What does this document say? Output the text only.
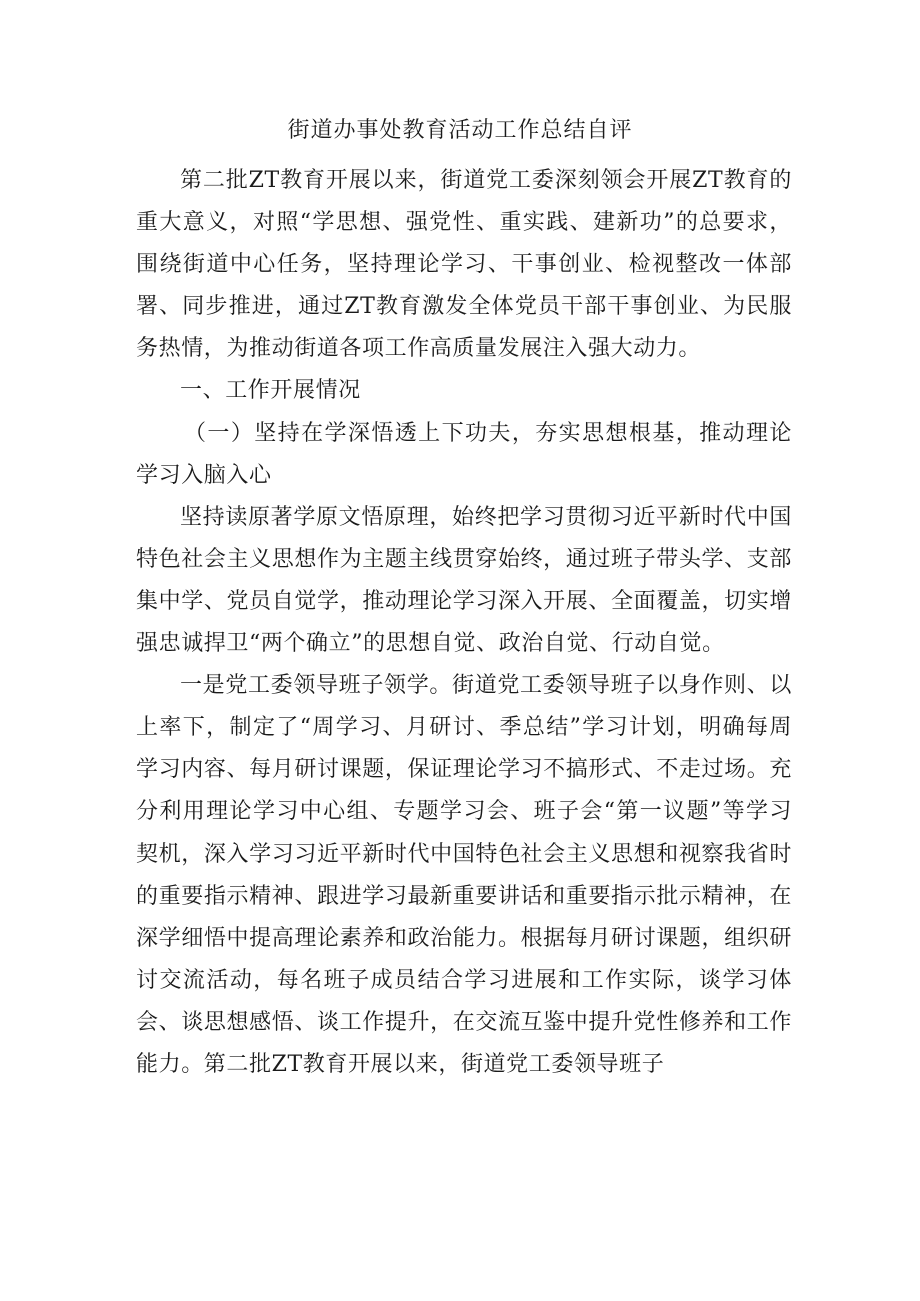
街道办事处教育活动工作总结自评

第二批ZT教育开展以来，街道党工委深刻领会开展ZT教育的重大意义，对照“学思想、强党性、重实践、建新功”的总要求，围绕街道中心任务，坚持理论学习、干事创业、检视整改一体部署、同步推进，通过ZT教育激发全体党员干部干事创业、为民服务热情，为推动街道各项工作高质量发展注入强大动力。

一、工作开展情况

（一）坚持在学深悟透上下功夫，夯实思想根基，推动理论学习入脑入心

坚持读原著学原文悟原理，始终把学习贯彻习近平新时代中国特色社会主义思想作为主题主线贯穿始终，通过班子带头学、支部集中学、党员自觉学，推动理论学习深入开展、全面覆盖，切实增强忠诚捍卫“两个确立”的思想自觉、政治自觉、行动自觉。

一是党工委领导班子领学。街道党工委领导班子以身作则、以上率下，制定了“周学习、月研讨、季总结”学习计划，明确每周学习内容、每月研讨课题，保证理论学习不搞形式、不走过场。充分利用理论学习中心组、专题学习会、班子会“第一议题”等学习契机，深入学习习近平新时代中国特色社会主义思想和视察我省时的重要指示精神、跟进学习最新重要讲话和重要指示批示精神，在深学细悟中提高理论素养和政治能力。根据每月研讨课题，组织研讨交流活动，每名班子成员结合学习进展和工作实际，谈学习体会、谈思想感悟、谈工作提升，在交流互鉴中提升党性修养和工作能力。第二批ZT教育开展以来，街道党工委领导班子
